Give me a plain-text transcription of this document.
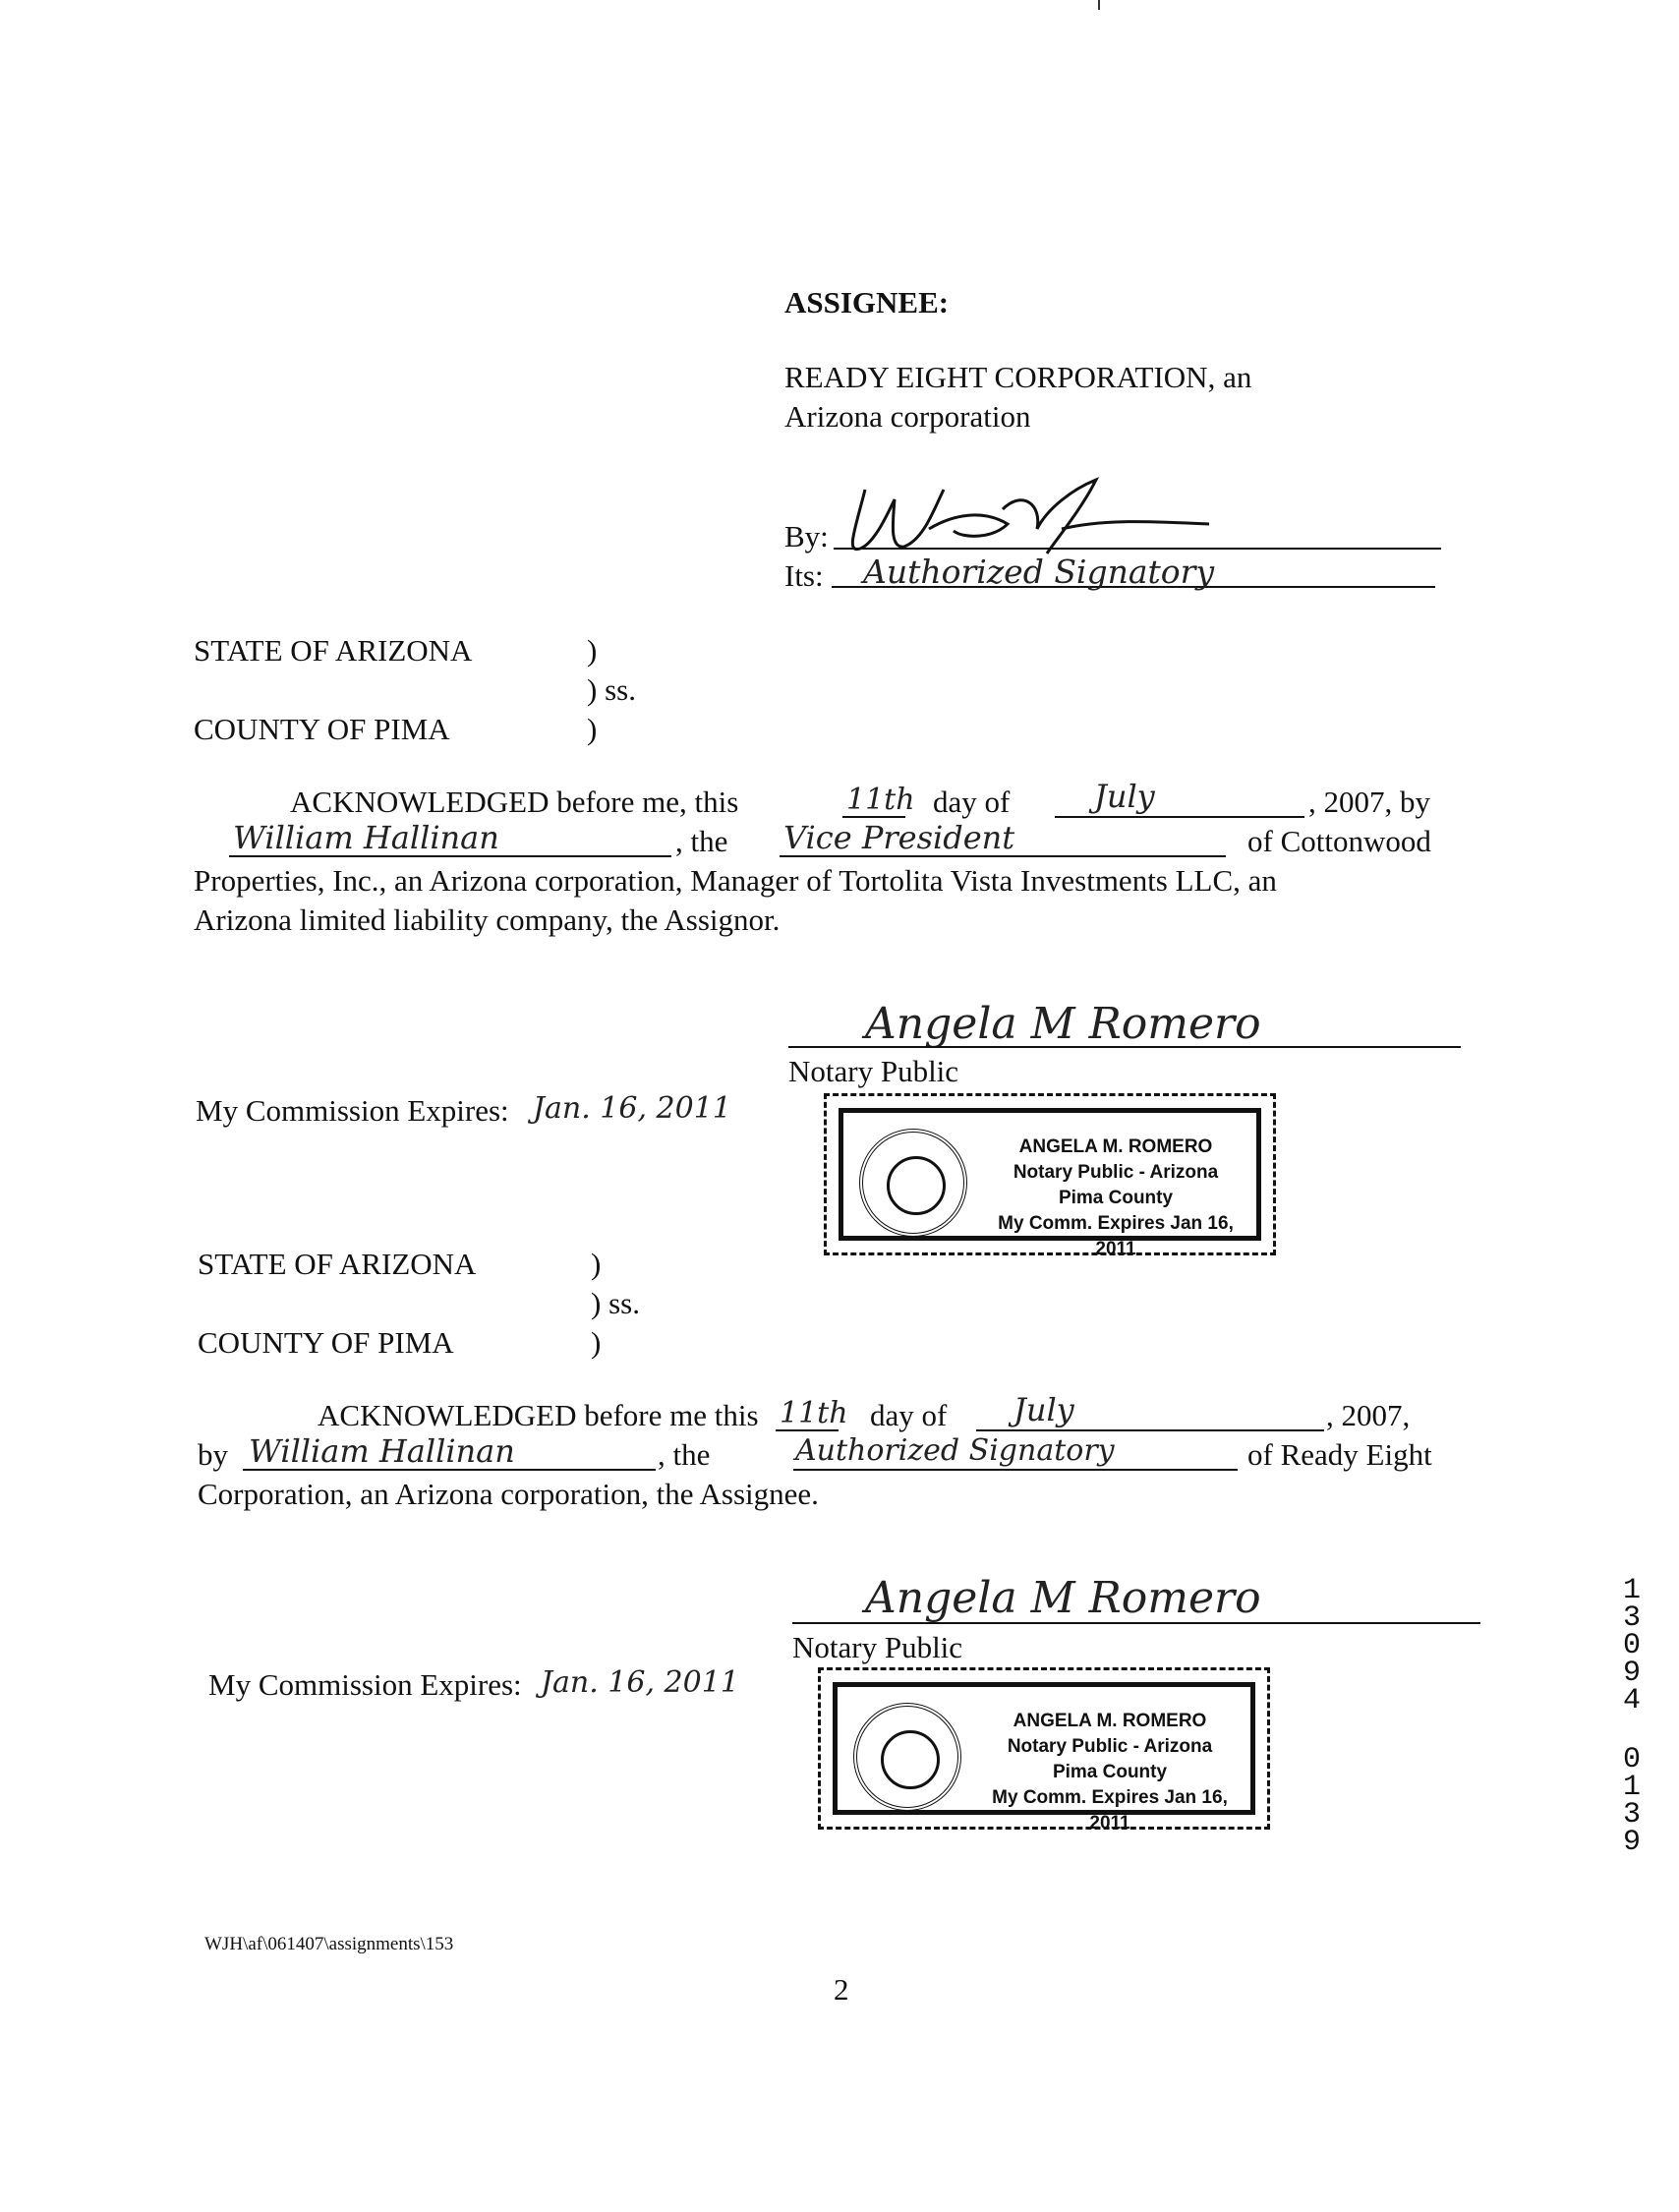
ASSIGNEE:
READY EIGHT CORPORATION, an
Arizona corporation
By:
Its: Authorized Signatory
STATE OF ARIZONA	)
) ss.
COUNTY OF PIMA	)
ACKNOWLEDGED before me, this	11th day of	July	, 2007, by
William Hallinan	, the Vice President	of Cottonwood
Properties, Inc., an Arizona corporation, Manager of Tortolita Vista Investments LLC, an
Arizona limited liability company, the Assignor.
Angela M Romero
Notary Public
My Commission Expires: Jan. 16, 2011
ANGELA M. ROMERO
Notary Public - Arizona
Pima County
My Comm. Expires Jan 16, 2011
STATE OF ARIZONA	)
) ss.
COUNTY OF PIMA	)
ACKNOWLEDGED before me this 11th day of July	, 2007,
by William Hallinan	, the	Authorized Signatory	of Ready Eight
Corporation, an Arizona corporation, the Assignee.
Angela M Romero
Notary Public
My Commission Expires: Jan. 16, 2011
ANGELA M. ROMERO
Notary Public - Arizona
Pima County
My Comm. Expires Jan 16, 2011
1
3
0
9
4
0
1
3
9
WJH\af\061407\assignments\153
2
